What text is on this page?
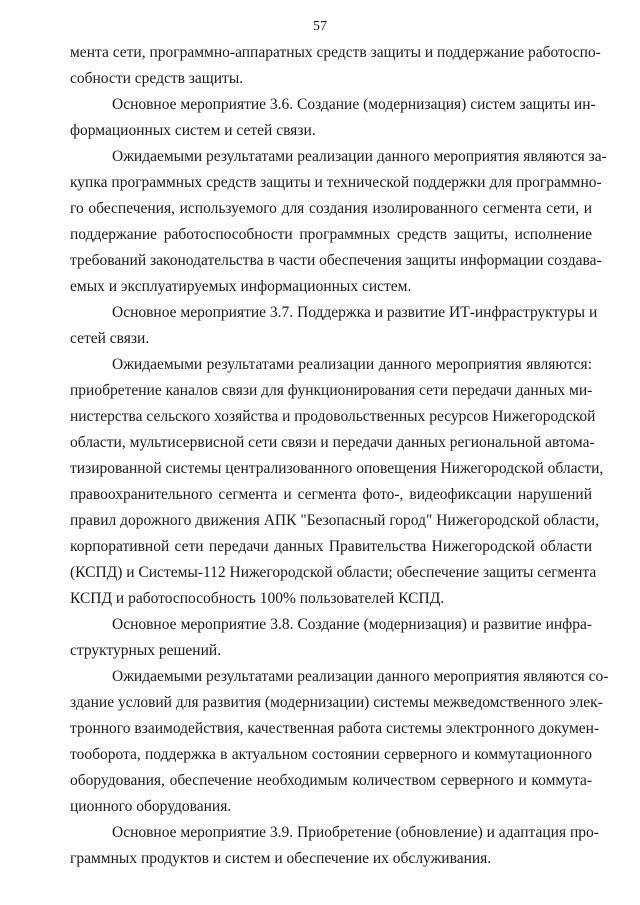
57
мента сети, программно-аппаратных средств защиты и поддержание работоспо-
собности средств защиты.
Основное мероприятие 3.6. Создание (модернизация) систем защиты ин-
формационных систем и сетей связи.
Ожидаемыми результатами реализации данного мероприятия являются за-
купка программных средств защиты и технической поддержки для программно-
го обеспечения, используемого для создания изолированного сегмента сети, и
поддержание работоспособности программных средств защиты, исполнение
требований законодательства в части обеспечения защиты информации создава-
емых и эксплуатируемых информационных систем.
Основное мероприятие 3.7. Поддержка и развитие ИТ-инфраструктуры и
сетей связи.
Ожидаемыми результатами реализации данного мероприятия являются:
приобретение каналов связи для функционирования сети передачи данных ми-
нистерства сельского хозяйства и продовольственных ресурсов Нижегородской
области, мультисервисной сети связи и передачи данных региональной автома-
тизированной системы централизованного оповещения Нижегородской области,
правоохранительного сегмента и сегмента фото-, видеофиксации нарушений
правил дорожного движения АПК "Безопасный город" Нижегородской области,
корпоративной сети передачи данных Правительства Нижегородской области
(КСПД) и Системы-112 Нижегородской области; обеспечение защиты сегмента
КСПД и работоспособность 100% пользователей КСПД.
Основное мероприятие 3.8. Создание (модернизация) и развитие инфра-
структурных решений.
Ожидаемыми результатами реализации данного мероприятия являются со-
здание условий для развития (модернизации) системы межведомственного элек-
тронного взаимодействия, качественная работа системы электронного докумен-
тооборота, поддержка в актуальном состоянии серверного и коммутационного
оборудования, обеспечение необходимым количеством серверного и коммута-
ционного оборудования.
Основное мероприятие 3.9. Приобретение (обновление) и адаптация про-
граммных продуктов и систем и обеспечение их обслуживания.
